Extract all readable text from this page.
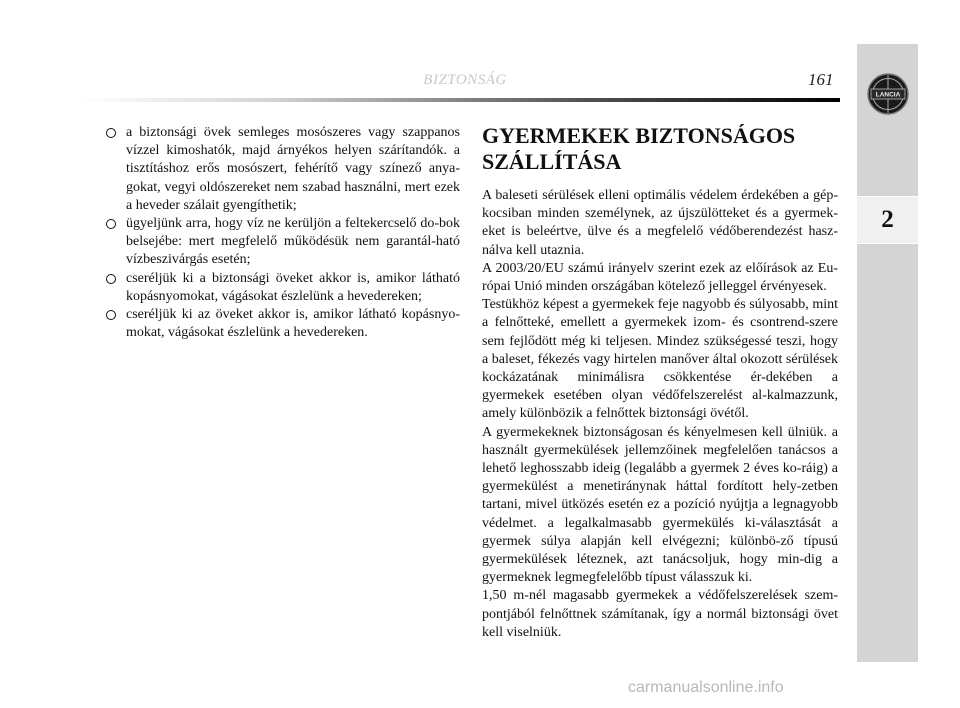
BIZTONSÁG	161
LANCIA
2
a biztonsági övek semleges mosószeres vagy szappanos vízzel kimoshatók, majd árnyékos helyen szárítandók. a tisztításhoz erős mosószert, fehérítő vagy színező anya-gokat, vegyi oldószereket nem szabad használni, mert ezek a heveder szálait gyengíthetik;
ügyeljünk arra, hogy víz ne kerüljön a feltekercselő do-bok belsejébe: mert megfelelő működésük nem garantál-ható vízbeszivárgás esetén;
cseréljük ki a biztonsági öveket akkor is, amikor látható kopásnyomokat, vágásokat észlelünk a hevedereken;
cseréljük ki az öveket akkor is, amikor látható kopásnyo-mokat, vágásokat észlelünk a hevedereken.
GYERMEKEK BIZTONSÁGOS SZÁLLÍTÁSA

A baleseti sérülések elleni optimális védelem érdekében a gép-kocsiban minden személynek, az újszülötteket és a gyermek-eket is beleértve, ülve és a megfelelő védőberendezést hasz-nálva kell utaznia.

A 2003/20/EU számú irányelv szerint ezek az előírások az Eu-rópai Unió minden országában kötelező jelleggel érvényesek.

Testükhöz képest a gyermekek feje nagyobb és súlyosabb, mint a felnőtteké, emellett a gyermekek izom- és csontrend-szere sem fejlődött még ki teljesen. Mindez szükségessé teszi, hogy a baleset, fékezés vagy hirtelen manőver által okozott sérülések kockázatának minimálisra csökkentése ér-dekében a gyermekek esetében olyan védőfelszerelést al-kalmazzunk, amely különbözik a felnőttek biztonsági övétől.

A gyermekeknek biztonságosan és kényelmesen kell ülniük. a használt gyermekülések jellemzőinek megfelelően tanácsos a lehető leghosszabb ideig (legalább a gyermek 2 éves ko-ráig) a gyermekülést a menetiránynak háttal fordított hely-zetben tartani, mivel ütközés esetén ez a pozíció nyújtja a legnagyobb védelmet. a legalkalmasabb gyermekülés ki-választását a gyermek súlya alapján kell elvégezni; különbö-ző típusú gyermekülések léteznek, azt tanácsoljuk, hogy min-dig a gyermeknek legmegfelelőbb típust válasszuk ki.

1,50 m-nél magasabb gyermekek a védőfelszerelések szem-pontjából felnőttnek számítanak, így a normál biztonsági övet kell viselniük.

carmanualsonline.info
